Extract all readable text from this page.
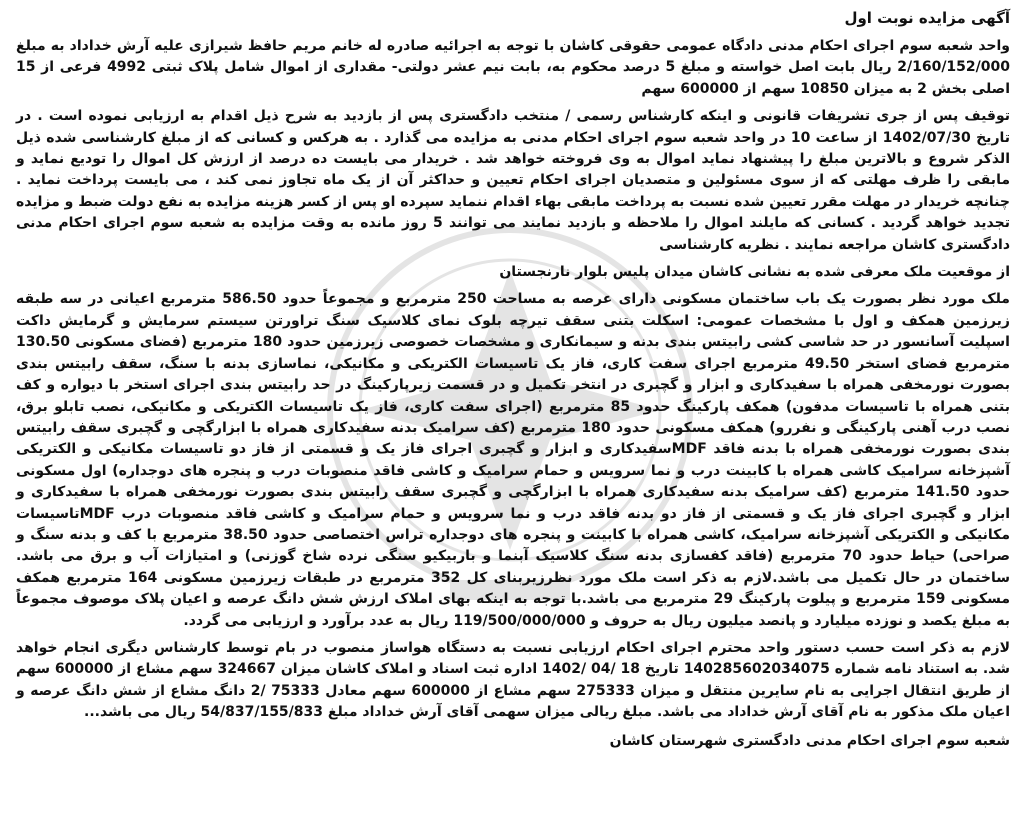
آگهی مزایده نوبت اول

واحد شعبه سوم اجرای احکام مدنی دادگاه عمومی حقوقی کاشان با توجه به اجرائیه صادره له خانم مریم حافظ شیرازی علیه آرش خداداد به مبلغ 2/160/152/000 ریال بابت اصل خواسته و مبلغ 5 درصد محکوم به، بابت نیم عشر دولتی- مقداری از اموال شامل پلاک ثبتی 4992 فرعی از 15 اصلی بخش 2 به میزان 10850 سهم از 600000 سهم

توقیف پس از جری تشریفات قانونی و اینکه کارشناس رسمی / منتخب دادگستری پس از بازدید به شرح ذیل اقدام به ارزیابی نموده است . در تاریخ 1402/07/30 از ساعت 10 در واحد شعبه سوم اجرای احکام مدنی به مزایده می گذارد . به هرکس و کسانی که از مبلغ کارشناسی شده ذیل الذکر شروع و بالاترین مبلغ را پیشنهاد نماید اموال به وی فروخته خواهد شد . خریدار می بایست ده درصد از ارزش کل اموال را تودیع نماید و مابقی را ظرف مهلتی که از سوی مسئولین و متصدیان اجرای احکام تعیین و حداکثر آن از یک ماه تجاوز نمی کند ، می بایست پرداخت نماید . چنانچه خریدار در مهلت مقرر تعیین شده نسبت به پرداخت مابقی بهاء اقدام ننماید سپرده او پس از کسر هزینه مزایده به نفع دولت ضبط و مزایده تجدید خواهد گردید . کسانی که مایلند اموال را ملاحظه و بازدید نمایند می توانند 5 روز مانده به وقت مزایده به شعبه سوم اجرای احکام مدنی دادگستری کاشان مراجعه نمایند . نظریه کارشناسی

از موقعیت ملک معرفی شده به نشانی کاشان میدان پلیس بلوار نارنجستان

ملک مورد نظر بصورت یک باب ساختمان مسکونی دارای عرصه به مساحت 250 مترمربع و مجموعاً حدود 586.50 مترمربع اعیانی در سه طبقه زیرزمین همکف و اول با مشخصات عمومی: اسکلت بتنی سقف تیرچه بلوک نمای کلاسیک سنگ تراورتن سیستم سرمایش و گرمایش داکت اسپلیت آسانسور در حد شاسی کشی رابیتس بندی بدنه و سیمانکاری و مشخصات خصوصی زیرزمین حدود 180 مترمربع (فضای مسکونی 130.50 مترمربع فضای استخر 49.50 مترمربع اجرای سفت کاری، فاز یک تاسیسات الکتریکی و مکانیکی، نماسازی بدنه با سنگ، سقف رابیتس بندی بصورت نورمخفی همراه با سفیدکاری و ابزار و گچبری در انتخر تکمیل و در قسمت زیرپارکینگ در حد رابیتس بندی اجرای استخر با دیواره و کف بتنی همراه با تاسیسات مدفون) همکف پارکینگ حدود 85 مترمربع (اجرای سفت کاری، فاز یک تاسیسات الکتریکی و مکانیکی، نصب تابلو برق، نصب درب آهنی پارکینگی و نفررو) همکف مسکونی حدود 180 مترمربع (کف سرامیک بدنه سفیدکاری همراه با ابزارگچی و گچبری سقف رابیتس بندی بصورت نورمخفی همراه با بدنه فاقد MDFسفیدکاری و ابزار و گچبری اجرای فاز یک و قسمتی از فاز دو تاسیسات مکانیکی و الکتریکی آشپزخانه سرامیک کاشی همراه با کابینت درب و نما سرویس و حمام سرامیک و کاشی فاقد منصوبات درب و پنجره های دوجداره) اول مسکونی حدود 141.50 مترمربع (کف سرامیک بدنه سفیدکاری همراه با ابزارگچی و گچبری سقف رابیتس بندی بصورت نورمخفی همراه با سفیدکاری و ابزار و گچبری اجرای فاز یک و قسمتی از فاز دو بدنه فاقد درب و نما سرویس و حمام سرامیک و کاشی فاقد منصوبات درب MDFتاسیسات مکانیکی و الکتریکی آشپزخانه سرامیک، کاشی همراه با کابینت و پنجره های دوجداره تراس اختصاصی حدود 38.50 مترمربع با کف و بدنه سنگ و صراحی) حیاط حدود 70 مترمربع (فاقد کفسازی بدنه سنگ کلاسیک آبنما و باربیکیو سنگی نرده شاخ گوزنی) و امتیازات آب و برق می باشد. ساختمان در حال تکمیل می باشد.لازم به ذکر است ملک مورد نظرزیربنای کل 352 مترمربع در طبقات زیرزمین مسکونی 164 مترمربع همکف مسکونی 159 مترمربع و پیلوت پارکینگ 29 مترمربع می باشد.با توجه به اینکه بهای املاک ارزش شش دانگ عرصه و اعیان پلاک موصوف مجموعاً به مبلغ یکصد و نوزده میلیارد و پانصد میلیون ریال به حروف و 119/500/000/000 ریال به عدد برآورد و ارزیابی می گردد.

لازم به ذکر است حسب دستور واحد محترم اجرای احکام ارزیابی نسبت به دستگاه هواساز منصوب در بام توسط کارشناس دیگری انجام خواهد شد. به استناد نامه شماره 140285602034075 تاریخ 18 /04 /1402 اداره ثبت اسناد و املاک کاشان میزان 324667 سهم مشاع از 600000 سهم از طریق انتقال اجرایی به نام سایرین منتقل و میزان 275333 سهم مشاع از 600000 سهم معادل 75333 /2 دانگ مشاع از شش دانگ عرصه و اعیان ملک مذکور به نام آقای آرش خداداد می باشد. مبلغ ریالی میزان سهمی آقای آرش خداداد مبلغ 54/837/155/833 ریال می باشد...

شعبه سوم اجرای احکام مدنی دادگستری شهرستان کاشان
